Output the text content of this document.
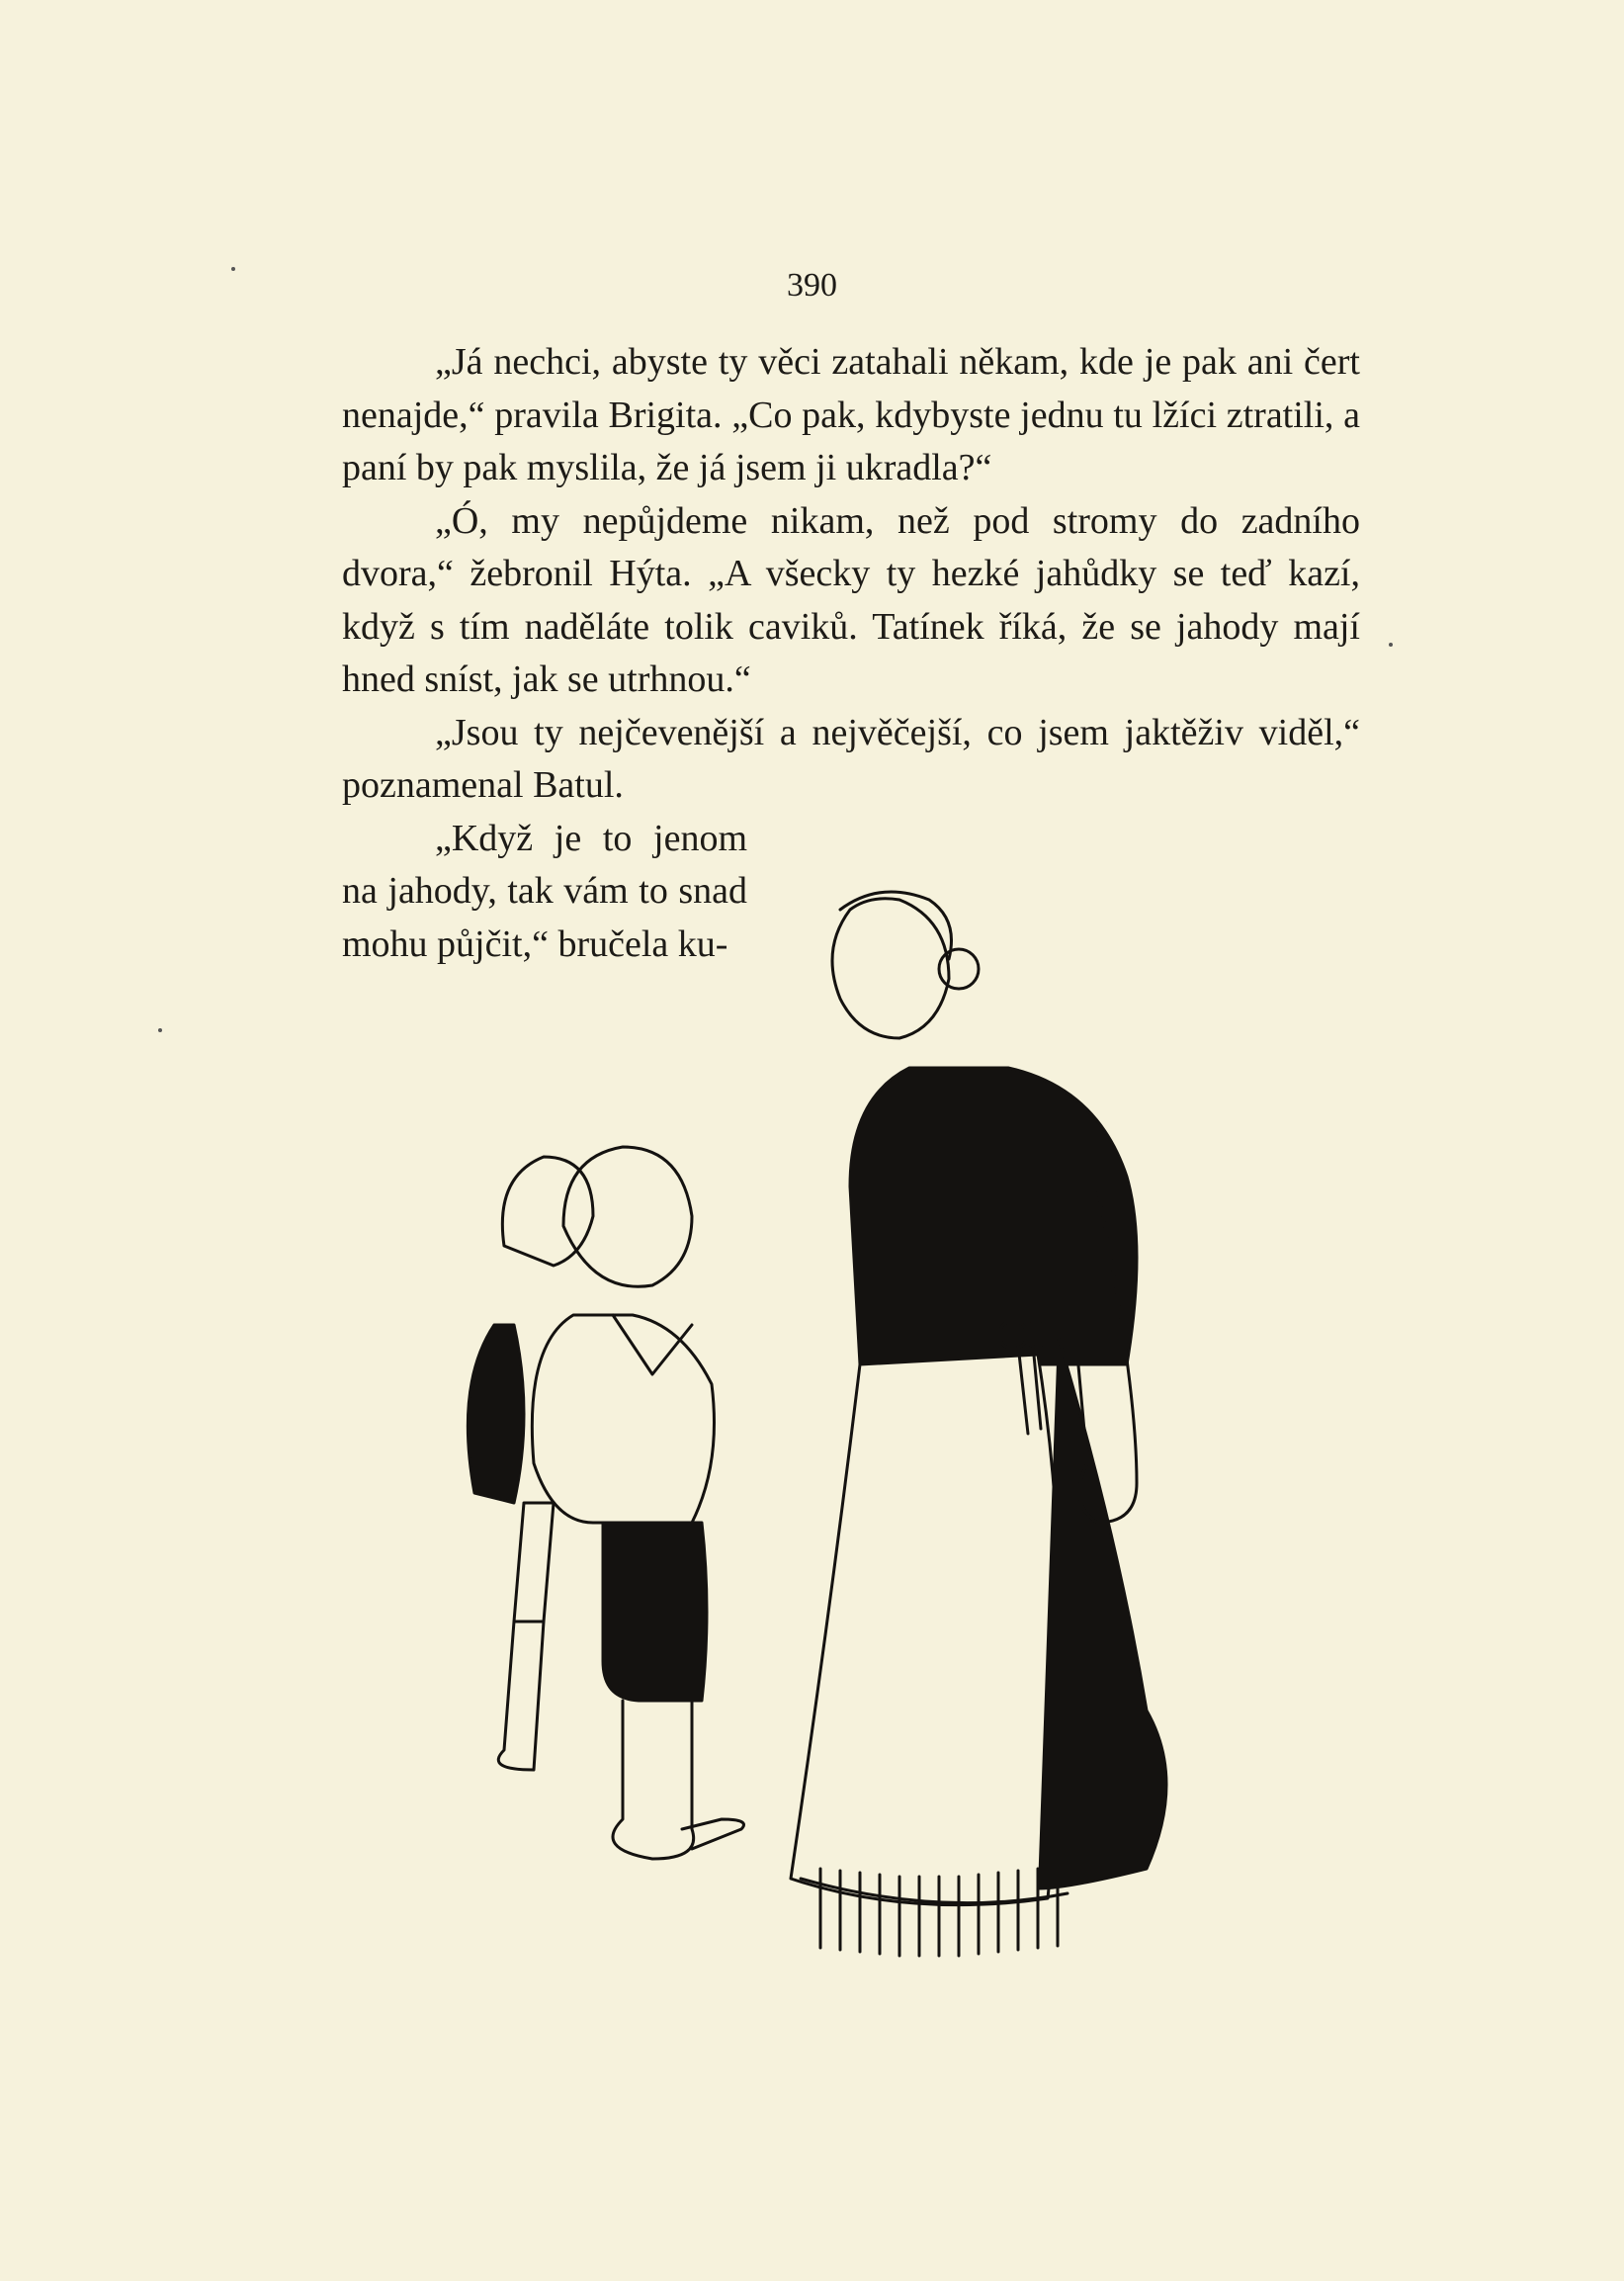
390

„Já nechci, abyste ty věci zatahali někam, kde je pak ani čert nenajde,“ pravila Brigita. „Co pak, kdybyste jednu tu lžíci ztratili, a paní by pak myslila, že já jsem ji ukradla?“

„Ó, my nepůjdeme nikam, než pod stromy do zadního dvora,“ žebronil Hýta. „A všecky ty hezké jahůdky se teď kazí, když s tím naděláte tolik caviků. Tatínek říká, že se jahody mají hned sníst, jak se utrhnou.“

„Jsou ty nejčevenější a nejvěčejší, co jsem jaktěživ viděl,“ poznamenal Batul.

„Když je to jenom na jahody, tak vám to snad mohu půjčit,“ bručela ku-
